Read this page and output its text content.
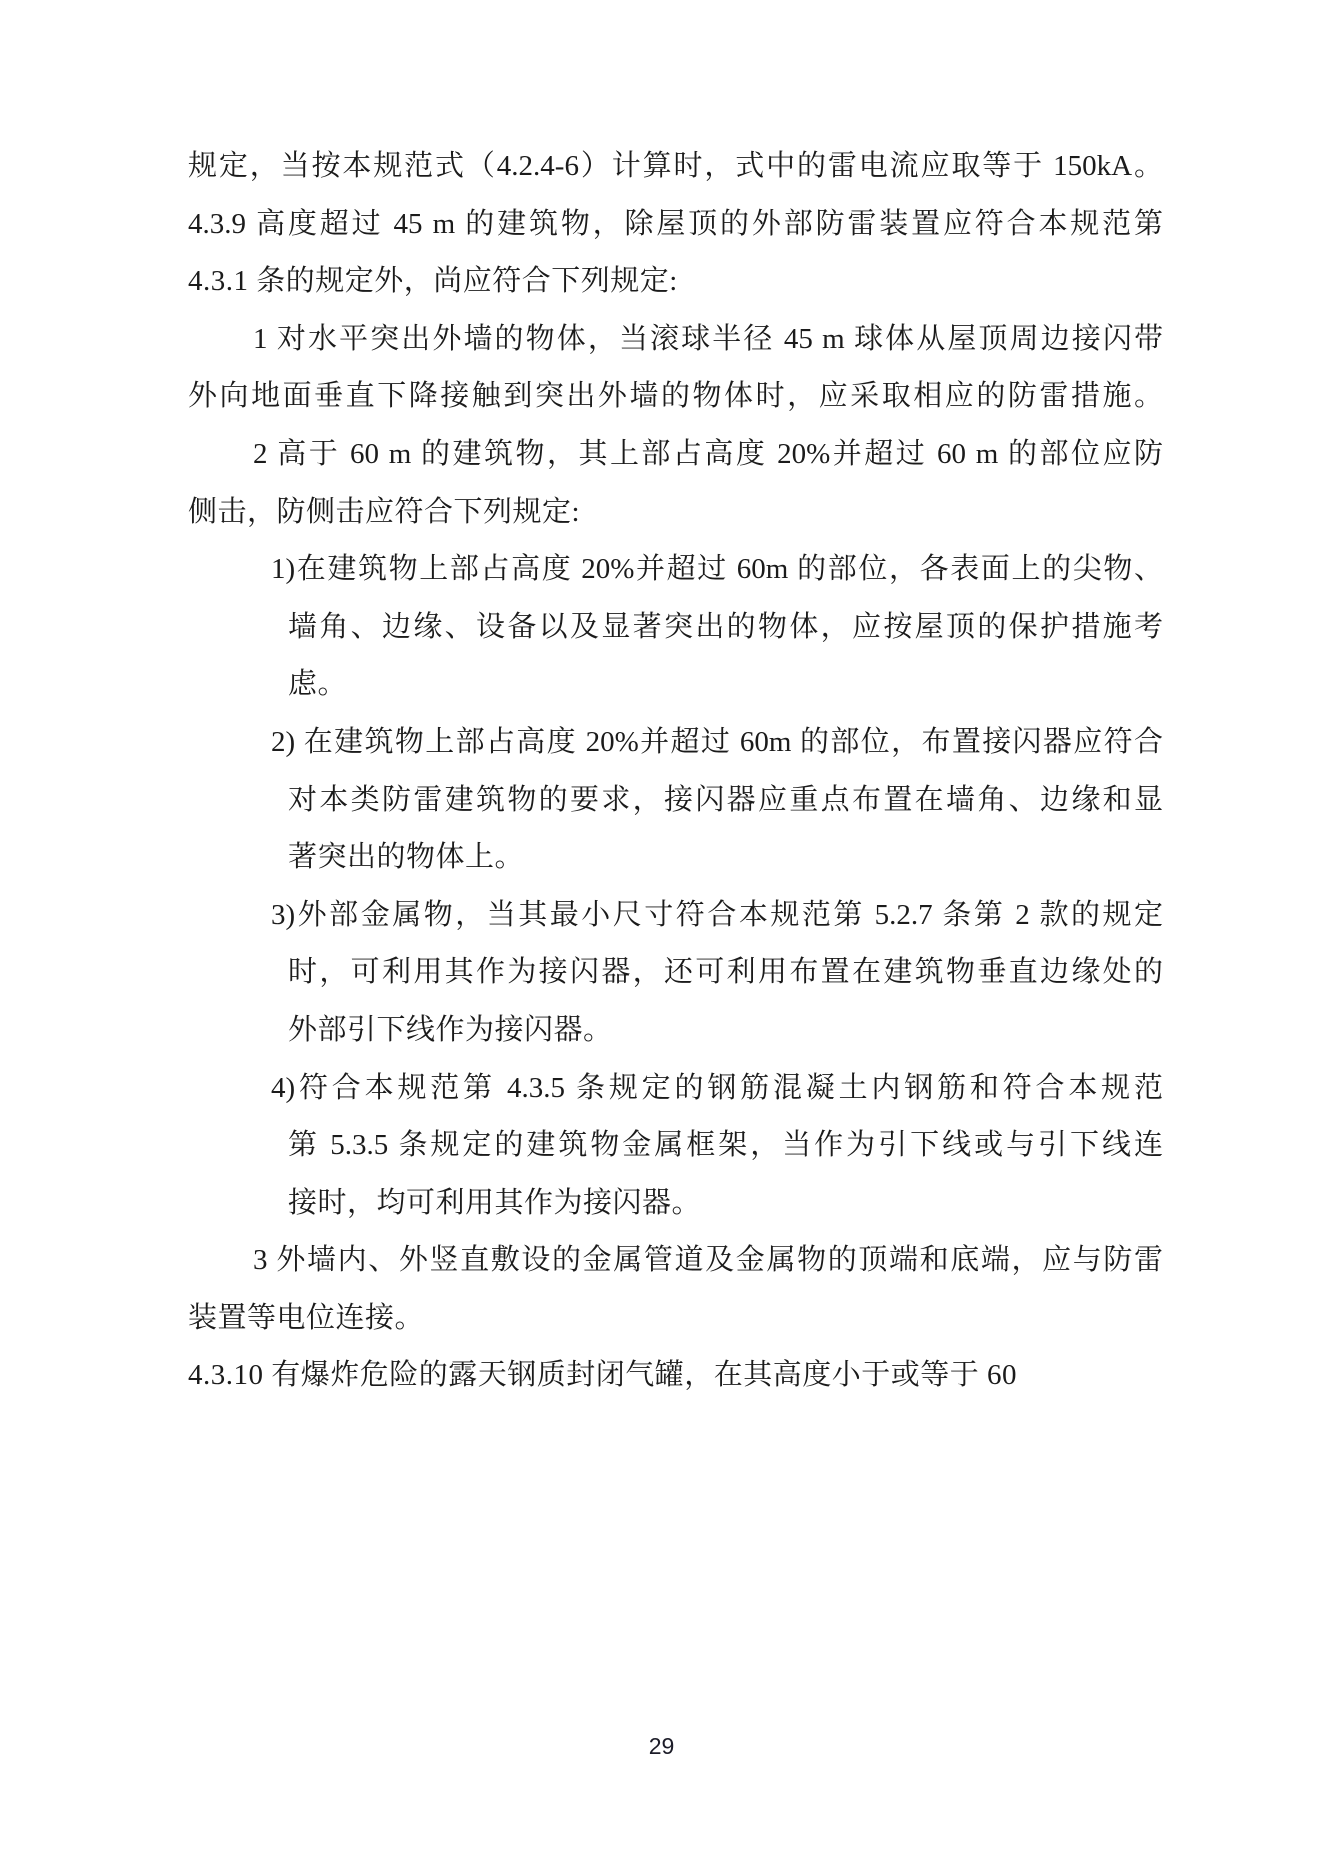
规定，当按本规范式（4.2.4-6）计算时，式中的雷电流应取等于 150kA。
4.3.9 高度超过 45 m 的建筑物，除屋顶的外部防雷装置应符合本规范第
4.3.1 条的规定外，尚应符合下列规定:
1 对水平突出外墙的物体，当滚球半径 45 m 球体从屋顶周边接闪带
外向地面垂直下降接触到突出外墙的物体时，应采取相应的防雷措施。
2 高于 60 m 的建筑物，其上部占高度 20%并超过 60 m 的部位应防
侧击，防侧击应符合下列规定:
1)在建筑物上部占高度 20%并超过 60m 的部位，各表面上的尖物、
墙角、边缘、设备以及显著突出的物体，应按屋顶的保护措施考
虑。
2) 在建筑物上部占高度 20%并超过 60m 的部位，布置接闪器应符合
对本类防雷建筑物的要求，接闪器应重点布置在墙角、边缘和显
著突出的物体上。
3)外部金属物，当其最小尺寸符合本规范第 5.2.7 条第 2 款的规定
时，可利用其作为接闪器，还可利用布置在建筑物垂直边缘处的
外部引下线作为接闪器。
4)符合本规范第 4.3.5 条规定的钢筋混凝土内钢筋和符合本规范
第 5.3.5 条规定的建筑物金属框架，当作为引下线或与引下线连
接时，均可利用其作为接闪器。
3 外墙内、外竖直敷设的金属管道及金属物的顶端和底端，应与防雷
装置等电位连接。
4.3.10 有爆炸危险的露天钢质封闭气罐，在其高度小于或等于 60
29
